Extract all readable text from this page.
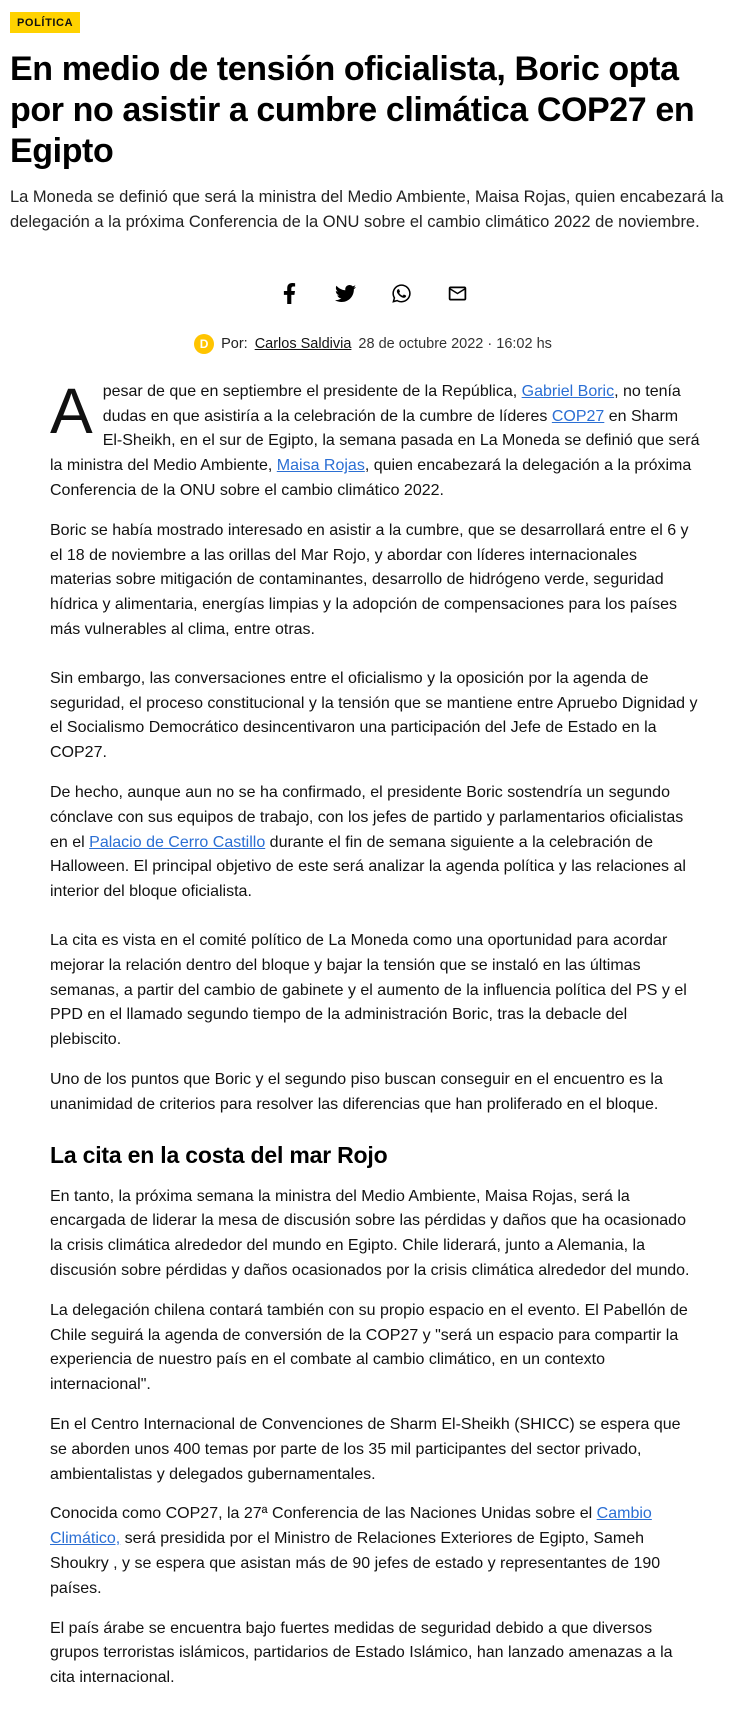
POLÍTICA
En medio de tensión oficialista, Boric opta por no asistir a cumbre climática COP27 en Egipto

La Moneda se definió que será la ministra del Medio Ambiente, Maisa Rojas, quien encabezará la delegación a la próxima Conferencia de la ONU sobre el cambio climático 2022 de noviembre.

D Por: Carlos Saldivia 28 de octubre 2022 · 16:02 hs

Apesar de que en septiembre el presidente de la República, Gabriel Boric, no tenía dudas en que asistiría a la celebración de la cumbre de líderes COP27 en Sharm El-Sheikh, en el sur de Egipto, la semana pasada en La Moneda se definió que será la ministra del Medio Ambiente, Maisa Rojas, quien encabezará la delegación a la próxima Conferencia de la ONU sobre el cambio climático 2022.

Boric se había mostrado interesado en asistir a la cumbre, que se desarrollará entre el 6 y el 18 de noviembre a las orillas del Mar Rojo, y abordar con líderes internacionales materias sobre mitigación de contaminantes, desarrollo de hidrógeno verde, seguridad hídrica y alimentaria, energías limpias y la adopción de compensaciones para los países más vulnerables al clima, entre otras.

Sin embargo, las conversaciones entre el oficialismo y la oposición por la agenda de seguridad, el proceso constitucional y la tensión que se mantiene entre Apruebo Dignidad y el Socialismo Democrático desincentivaron una participación del Jefe de Estado en la COP27.

De hecho, aunque aun no se ha confirmado, el presidente Boric sostendría un segundo cónclave con sus equipos de trabajo, con los jefes de partido y parlamentarios oficialistas en el Palacio de Cerro Castillo durante el fin de semana siguiente a la celebración de Halloween. El principal objetivo de este será analizar la agenda política y las relaciones al interior del bloque oficialista.

La cita es vista en el comité político de La Moneda como una oportunidad para acordar mejorar la relación dentro del bloque y bajar la tensión que se instaló en las últimas semanas, a partir del cambio de gabinete y el aumento de la influencia política del PS y el PPD en el llamado segundo tiempo de la administración Boric, tras la debacle del plebiscito.

Uno de los puntos que Boric y el segundo piso buscan conseguir en el encuentro es la unanimidad de criterios para resolver las diferencias que han proliferado en el bloque.

La cita en la costa del mar Rojo

En tanto, la próxima semana la ministra del Medio Ambiente, Maisa Rojas, será la encargada de liderar la mesa de discusión sobre las pérdidas y daños que ha ocasionado la crisis climática alrededor del mundo en Egipto. Chile liderará, junto a Alemania, la discusión sobre pérdidas y daños ocasionados por la crisis climática alrededor del mundo.

La delegación chilena contará también con su propio espacio en el evento. El Pabellón de Chile seguirá la agenda de conversión de la COP27 y "será un espacio para compartir la experiencia de nuestro país en el combate al cambio climático, en un contexto internacional".

En el Centro Internacional de Convenciones de Sharm El-Sheikh (SHICC) se espera que se aborden unos 400 temas por parte de los 35 mil participantes del sector privado, ambientalistas y delegados gubernamentales.

Conocida como COP27, la 27ª Conferencia de las Naciones Unidas sobre el Cambio Climático, será presidida por el Ministro de Relaciones Exteriores de Egipto, Sameh Shoukry , y se espera que asistan más de 90 jefes de estado y representantes de 190 países.

El país árabe se encuentra bajo fuertes medidas de seguridad debido a que diversos grupos terroristas islámicos, partidarios de Estado Islámico, han lanzado amenazas a la cita internacional.
